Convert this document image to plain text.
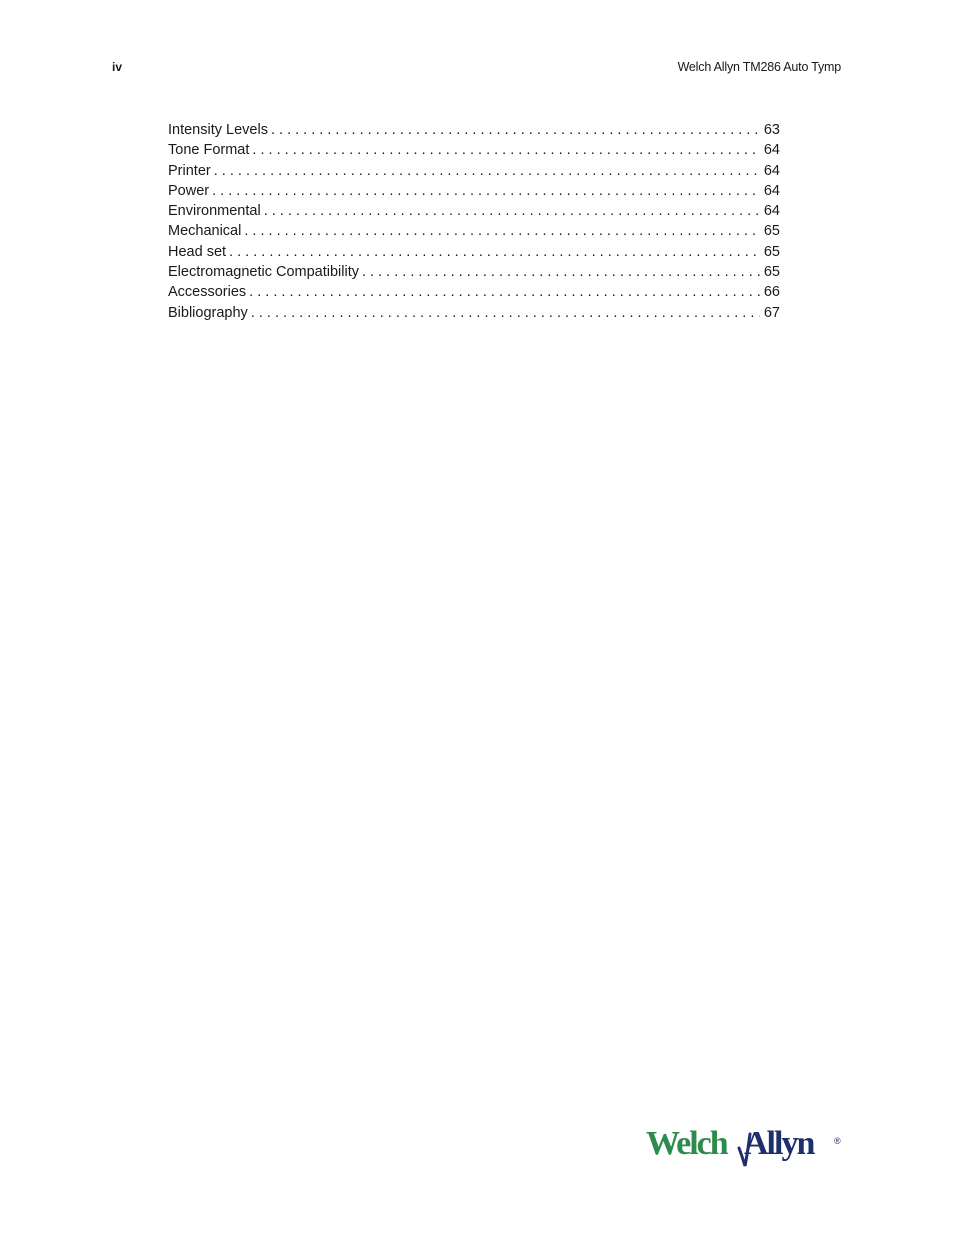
iv	Welch Allyn TM286 Auto Tymp
Intensity Levels . . .	63
Tone Format . . .	64
Printer . . .	64
Power . . .	64
Environmental . . .	64
Mechanical . . .	65
Head set . . .	65
Electromagnetic Compatibility . . .	65
Accessories . . .	66
Bibliography . . .	67
Welch Allyn ®
